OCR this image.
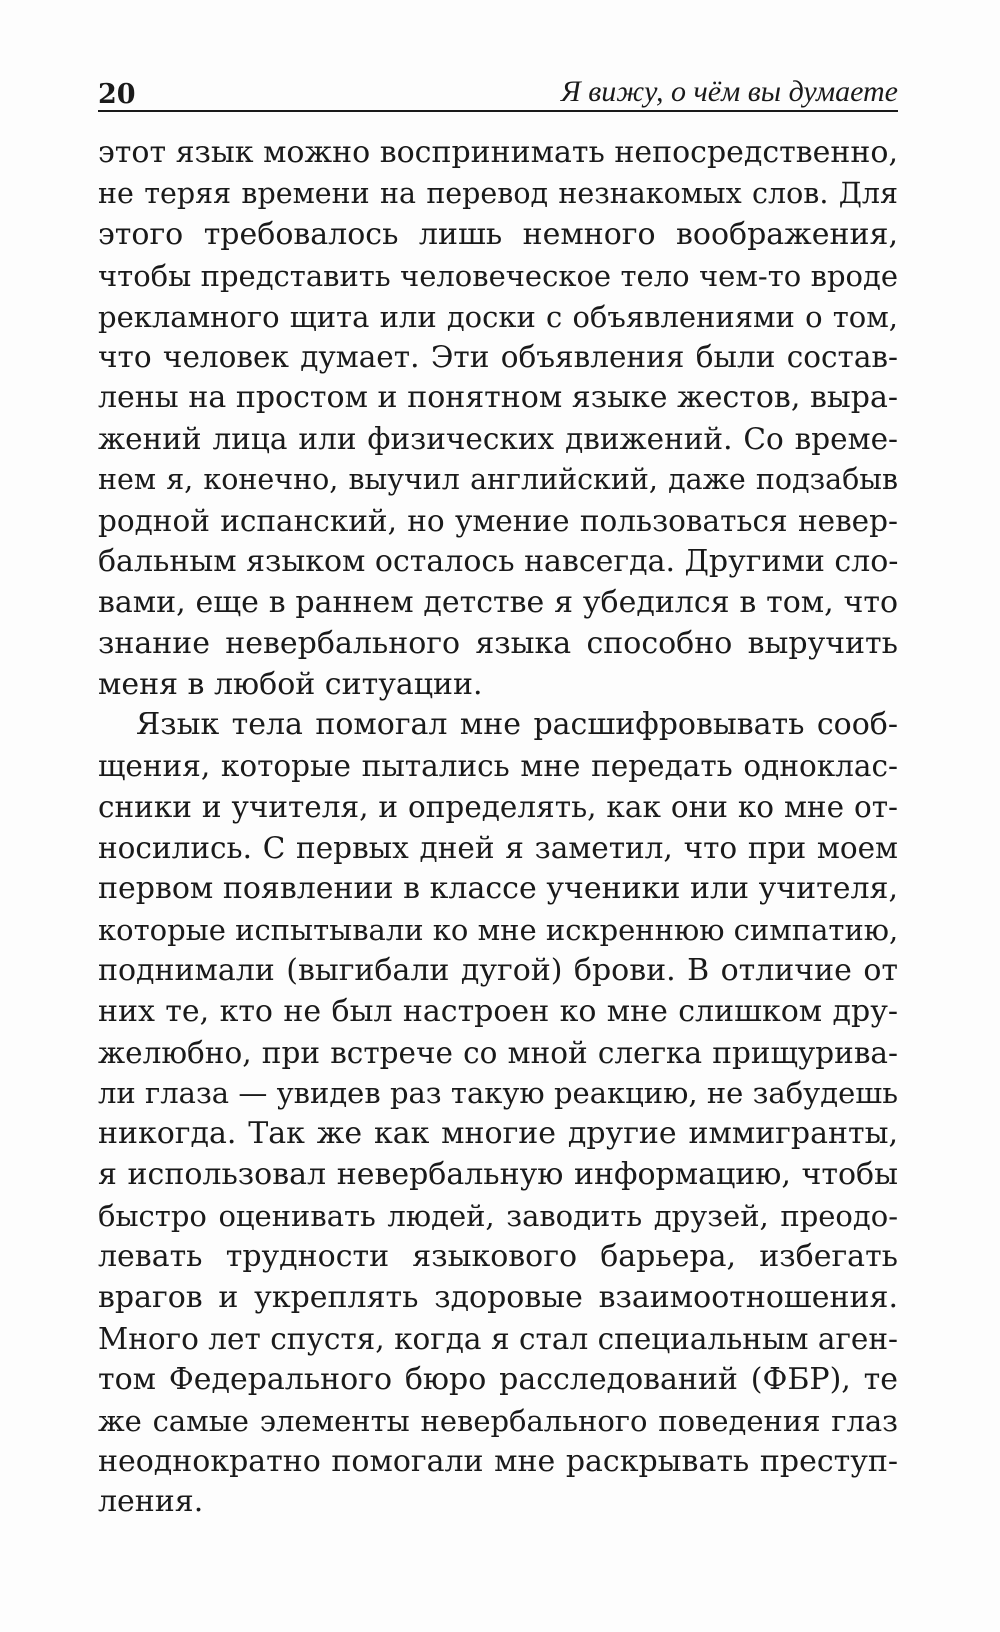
20	Я вижу, о чём вы думаете
этот язык можно воспринимать непосредственно,
не теряя времени на перевод незнакомых слов. Для
этого требовалось лишь немного воображения,
чтобы представить человеческое тело чем-то вроде
рекламного щита или доски с объявлениями о том,
что человек думает. Эти объявления были состав-
лены на простом и понятном языке жестов, выра-
жений лица или физических движений. Со време-
нем я, конечно, выучил английский, даже подзабыв
родной испанский, но умение пользоваться невер-
бальным языком осталось навсегда. Другими сло-
вами, еще в раннем детстве я убедился в том, что
знание невербального языка способно выручить
меня в любой ситуации.
Язык тела помогал мне расшифровывать сооб-
щения, которые пытались мне передать одноклас-
сники и учителя, и определять, как они ко мне от-
носились. С первых дней я заметил, что при моем
первом появлении в классе ученики или учителя,
которые испытывали ко мне искреннюю симпатию,
поднимали (выгибали дугой) брови. В отличие от
них те, кто не был настроен ко мне слишком дру-
желюбно, при встрече со мной слегка прищурива-
ли глаза — увидев раз такую реакцию, не забудешь
никогда. Так же как многие другие иммигранты,
я использовал невербальную информацию, чтобы
быстро оценивать людей, заводить друзей, преодо-
левать трудности языкового барьера, избегать
врагов и укреплять здоровые взаимоотношения.
Много лет спустя, когда я стал специальным аген-
том Федерального бюро расследований (ФБР), те
же самые элементы невербального поведения глаз
неоднократно помогали мне раскрывать преступ-
ления.
